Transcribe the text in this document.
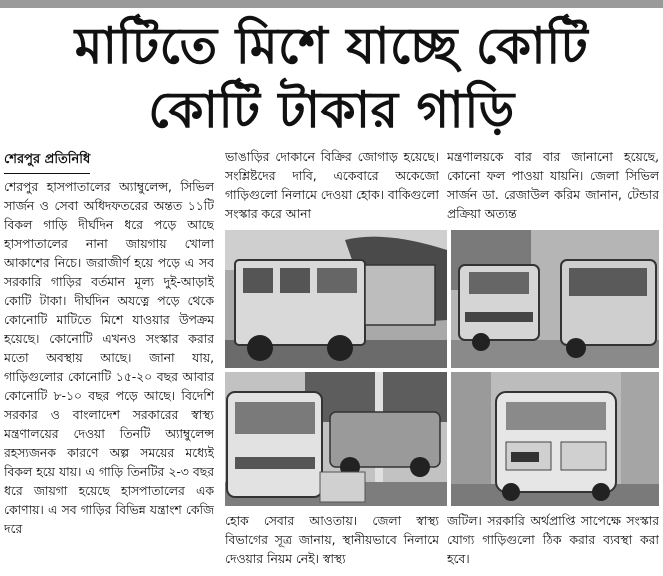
মাটিতে মিশে যাচ্ছে কোটি
কোটি টাকার গাড়ি
শেরপুর প্রতিনিধি
শেরপুর হাসপাতালের অ্যাম্বুলেন্স, সিভিল সার্জন ও সেবা অধিদফতরের অন্তত ১১টি বিকল গাড়ি দীর্ঘদিন ধরে পড়ে আছে হাসপাতালের নানা জায়গায় খোলা আকাশের নিচে। জরাজীর্ণ হয়ে পড়ে এ সব সরকারি গাড়ির বর্তমান মূল্য দুই-আড়াই কোটি টাকা। দীর্ঘদিন অযত্নে পড়ে থেকে কোনোটি মাটিতে মিশে যাওয়ার উপক্রম হয়েছে। কোনোটি এখনও সংস্কার করার মতো অবস্থায় আছে। জানা যায়, গাড়িগুলোর কোনোটি ১৫-২০ বছর আবার কোনোটি ৮-১০ বছর পড়ে আছে। বিদেশি সরকার ও বাংলাদেশ সরকারের স্বাস্থ্য মন্ত্রণালয়ের দেওয়া তিনটি অ্যাম্বুলেন্স রহস্যজনক কারণে অল্প সময়ের মধ্যেই বিকল হয়ে যায়। এ গাড়ি তিনটির ২-৩ বছর ধরে জায়গা হয়েছে হাসপাতালের এক কোণায়। এ সব গাড়ির বিভিন্ন যন্ত্রাংশ কেজি দরে
ভাঙাড়ির দোকানে বিক্রির জোগাড় হয়েছে। সংশ্লিষ্টদের দাবি, একেবারে অকেজো গাড়িগুলো নিলামে দেওয়া হোক। বাকিগুলো সংস্কার করে আনা
মন্ত্রণালয়কে বার বার জানানো হয়েছে, কোনো ফল পাওয়া যায়নি। জেলা সিভিল সার্জন ডা. রেজাউল করিম জানান, টেন্ডার প্রক্রিয়া অত্যন্ত
হোক সেবার আওতায়। জেলা স্বাস্থ্য বিভাগের সূত্র জানায়, স্থানীয়ভাবে নিলামে দেওয়ার নিয়ম নেই। স্বাস্থ্য
জটিল। সরকারি অর্থপ্রাপ্তি সাপেক্ষে সংস্কার যোগ্য গাড়িগুলো ঠিক করার ব্যবস্থা করা হবে।
